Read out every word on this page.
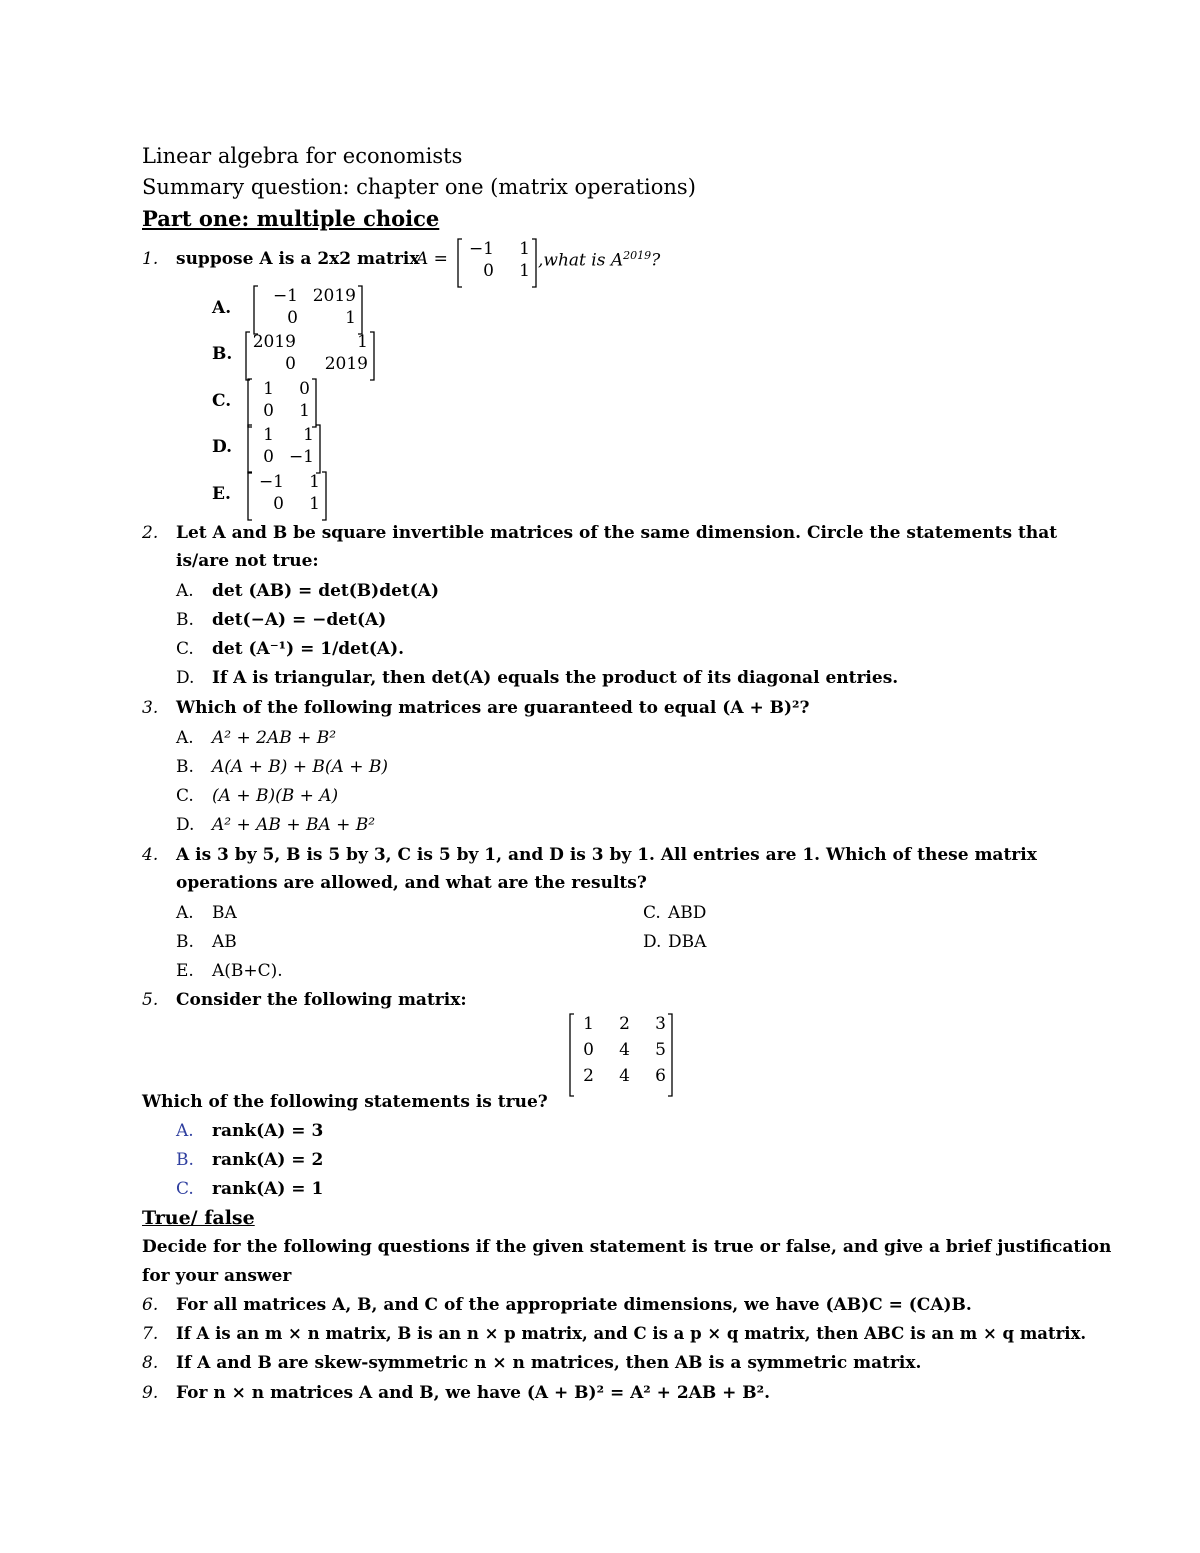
Linear algebra for economists
Summary question: chapter one (matrix operations)
Part one: multiple choice
1. suppose A is a 2x2 matrix
A = −1	1
0	1
,what is $A^{2019}$?
A.
−1 2019
0	1
B.
2019	1
0	2019
C.
1	0
0	1
D.
1	1
0 −1
E.
−1	1
0	1
2. Let A and B be square invertible matrices of the same dimension. Circle the statements that
is/are not true:
A. det (AB) = det(B)det(A)
B. det(−A) = −det(A)
C. det (A⁻¹) = 1/det(A).
D. If A is triangular, then det(A) equals the product of its diagonal entries.
3. Which of the following matrices are guaranteed to equal (A + B)²?
A. A² + 2AB + B²
B. A(A + B) + B(A + B)
C. (A + B)(B + A)
D. A² + AB + BA + B²
4. A is 3 by 5, B is 5 by 3, C is 5 by 1, and D is 3 by 1. All entries are 1. Which of these matrix
operations are allowed, and what are the results?
A. BA
B. AB
E. A(B+C).
C. ABD
D. DBA
5. Consider the following matrix:
1	2	3
0	4	5
2	4	6
Which of the following statements is true?
A. rank(A) = 3
B. rank(A) = 2
C. rank(A) = 1
True/ false
Decide for the following questions if the given statement is true or false, and give a brief justification
for your answer
6. For all matrices A, B, and C of the appropriate dimensions, we have (AB)C = (CA)B.
7. If A is an m × n matrix, B is an n × p matrix, and C is a p × q matrix, then ABC is an m × q matrix.
8. If A and B are skew-symmetric n × n matrices, then AB is a symmetric matrix.
9. For n × n matrices A and B, we have (A + B)² = A² + 2AB + B².
